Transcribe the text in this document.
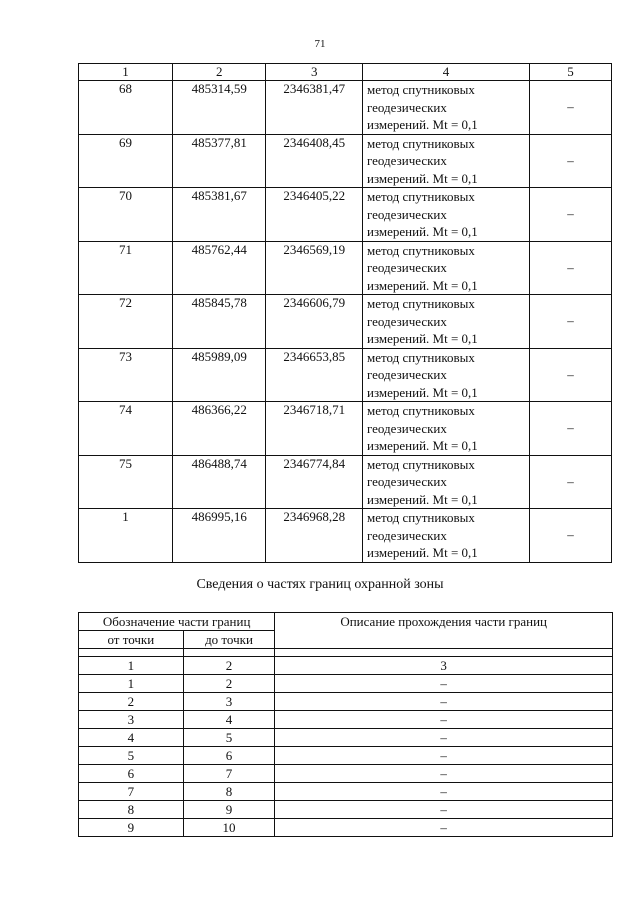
71
1	2	3	4	5
68	485314,59	2346381,47	метод спутниковых
геодезических
измерений. Mt = 0,1	–
69	485377,81	2346408,45	метод спутниковых
геодезических
измерений. Mt = 0,1	–
70	485381,67	2346405,22	метод спутниковых
геодезических
измерений. Mt = 0,1	–
71	485762,44	2346569,19	метод спутниковых
геодезических
измерений. Mt = 0,1	–
72	485845,78	2346606,79	метод спутниковых
геодезических
измерений. Mt = 0,1	–
73	485989,09	2346653,85	метод спутниковых
геодезических
измерений. Mt = 0,1	–
74	486366,22	2346718,71	метод спутниковых
геодезических
измерений. Mt = 0,1	–
75	486488,74	2346774,84	метод спутниковых
геодезических
измерений. Mt = 0,1	–
1	486995,16	2346968,28	метод спутниковых
геодезических
измерений. Mt = 0,1	–
Сведения о частях границ охранной зоны
Обозначение части границ		Описание прохождения части границ
от точки	до точки	

1	2	3
1	2	–
2	3	–
3	4	–
4	5	–
5	6	–
6	7	–
7	8	–
8	9	–
9	10	–
